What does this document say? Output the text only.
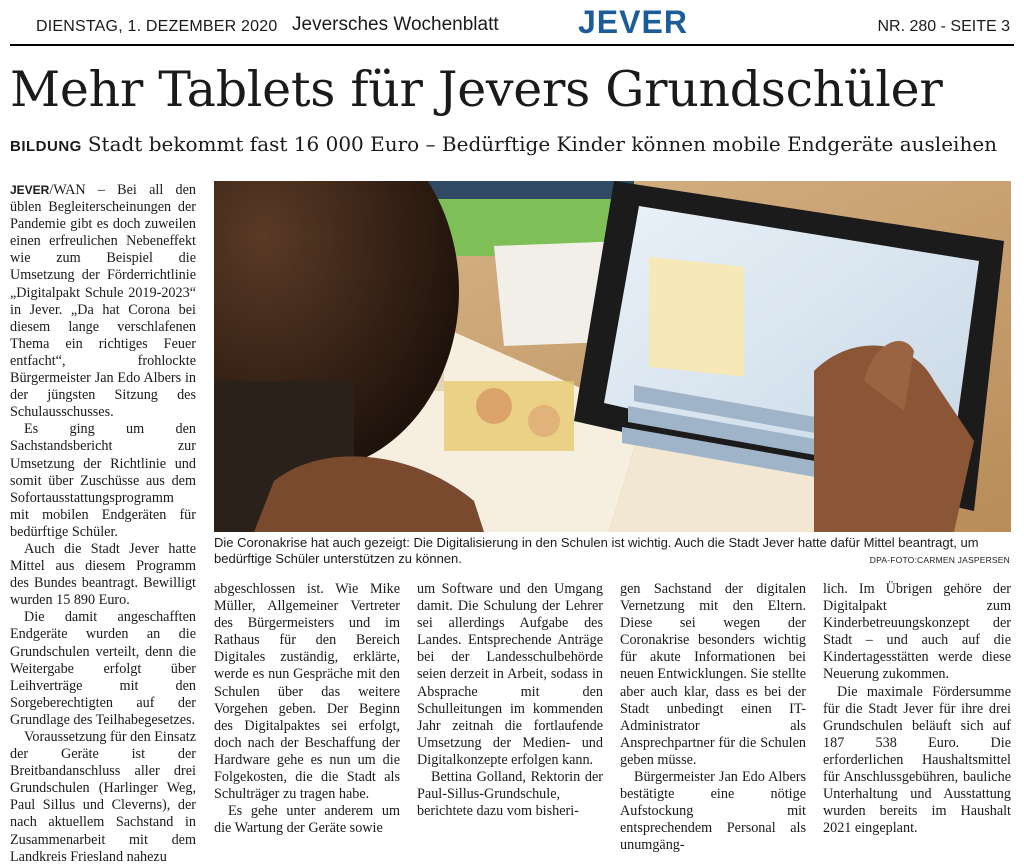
DIENSTAG, 1. DEZEMBER 2020 Jeversches Wochenblatt JEVER	NR. 280 - SEITE 3
Mehr Tablets für Jevers Grundschüler
BILDUNG Stadt bekommt fast 16 000 Euro – Bedürftige Kinder können mobile Endgeräte ausleihen

JEVER/WAN – Bei all den üblen Begleiterscheinungen der Pandemie gibt es doch zuweilen einen erfreulichen Nebeneffekt wie zum Beispiel die Umsetzung der Förderrichtlinie „Digitalpakt Schule 2019-2023“ in Jever. „Da hat Corona bei diesem lange verschlafenen Thema ein richtiges Feuer entfacht“, frohlockte Bürgermeister Jan Edo Albers in der jüngsten Sitzung des Schulausschusses.

Es ging um den Sachstandsbericht zur Umsetzung der Richtlinie und somit über Zuschüsse aus dem Sofortausstattungsprogramm mit mobilen Endgeräten für bedürftige Schüler.

Auch die Stadt Jever hatte Mittel aus diesem Programm des Bundes beantragt. Bewilligt wurden 15 890 Euro.

Die damit angeschafften Endgeräte wurden an die Grundschulen verteilt, denn die Weitergabe erfolgt über Leihverträge mit den Sorgeberechtigten auf der Grundlage des Teilhabegesetzes.

Voraussetzung für den Einsatz der Geräte ist der Breitbandanschluss aller drei Grundschulen (Harlinger Weg, Paul Sillus und Cleverns), der nach aktuellem Sachstand in Zusammenarbeit mit dem Landkreis Friesland nahezu

Die Coronakrise hat auch gezeigt: Die Digitalisierung in den Schulen ist wichtig. Auch die Stadt Jever hatte dafür Mittel beantragt, um bedürftige Schüler unterstützen zu können.	DPA-FOTO:CARMEN JASPERSEN

abgeschlossen ist. Wie Mike Müller, Allgemeiner Vertreter des Bürgermeisters und im Rathaus für den Bereich Digitales zuständig, erklärte, werde es nun Gespräche mit den Schulen über das weitere Vorgehen geben. Der Beginn des Digitalpaktes sei erfolgt, doch nach der Beschaffung der Hardware gehe es nun um die Folgekosten, die die Stadt als Schulträger zu tragen habe.

Es gehe unter anderem um die Wartung der Geräte sowie

um Software und den Umgang damit. Die Schulung der Lehrer sei allerdings Aufgabe des Landes. Entsprechende Anträge bei der Landesschulbehörde seien derzeit in Arbeit, sodass in Absprache mit den Schulleitungen im kommenden Jahr zeitnah die fortlaufende Umsetzung der Medien- und Digitalkonzepte erfolgen kann.

Bettina Golland, Rektorin der Paul-Sillus-Grundschule, berichtete dazu vom bisheri-

gen Sachstand der digitalen Vernetzung mit den Eltern. Diese sei wegen der Coronakrise besonders wichtig für akute Informationen bei neuen Entwicklungen. Sie stellte aber auch klar, dass es bei der Stadt unbedingt einen IT-Administrator als Ansprechpartner für die Schulen geben müsse.

Bürgermeister Jan Edo Albers bestätigte eine nötige Aufstockung mit entsprechendem Personal als unumgäng-

lich. Im Übrigen gehöre der Digitalpakt zum Kinderbetreuungskonzept der Stadt – und auch auf die Kindertagesstätten werde diese Neuerung zukommen.

Die maximale Fördersumme für die Stadt Jever für ihre drei Grundschulen beläuft sich auf 187 538 Euro. Die erforderlichen Haushaltsmittel für Anschlussgebühren, bauliche Unterhaltung und Ausstattung wurden bereits im Haushalt 2021 eingeplant.
